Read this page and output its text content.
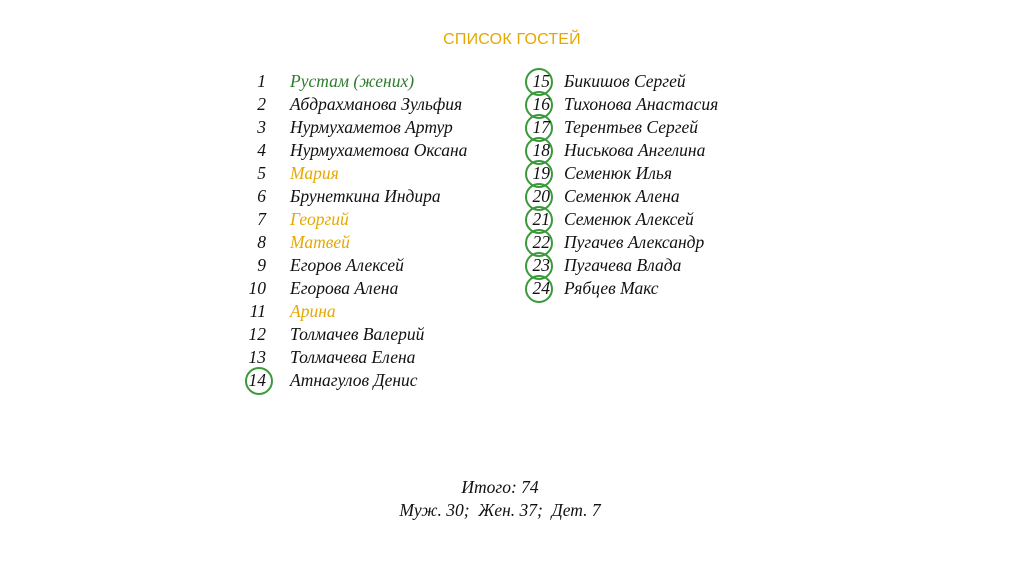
СПИСОК ГОСТЕЙ
1 Рустам (жених)
2 Абдрахманова Зульфия
3 Нурмухаметов Артур
4 Нурмухаметова Оксана
5 Мария
6 Брунеткина Индира
7 Георгий
8 Матвей
9 Егоров Алексей
10 Егорова Алена
11 Арина
12 Толмачев Валерий
13 Толмачева Елена
14 Атнагулов Денис
15 Бикишов Сергей
16 Тихонова Анастасия
17 Терентьев Сергей
18 Ниськова Ангелина
19 Семенюк Илья
20 Семенюк Алена
21 Семенюк Алексей
22 Пугачев Александр
23 Пугачева Влада
24 Рябцев Макс
Итого: 74
Муж. 30;  Жен. 37;  Дет. 7
